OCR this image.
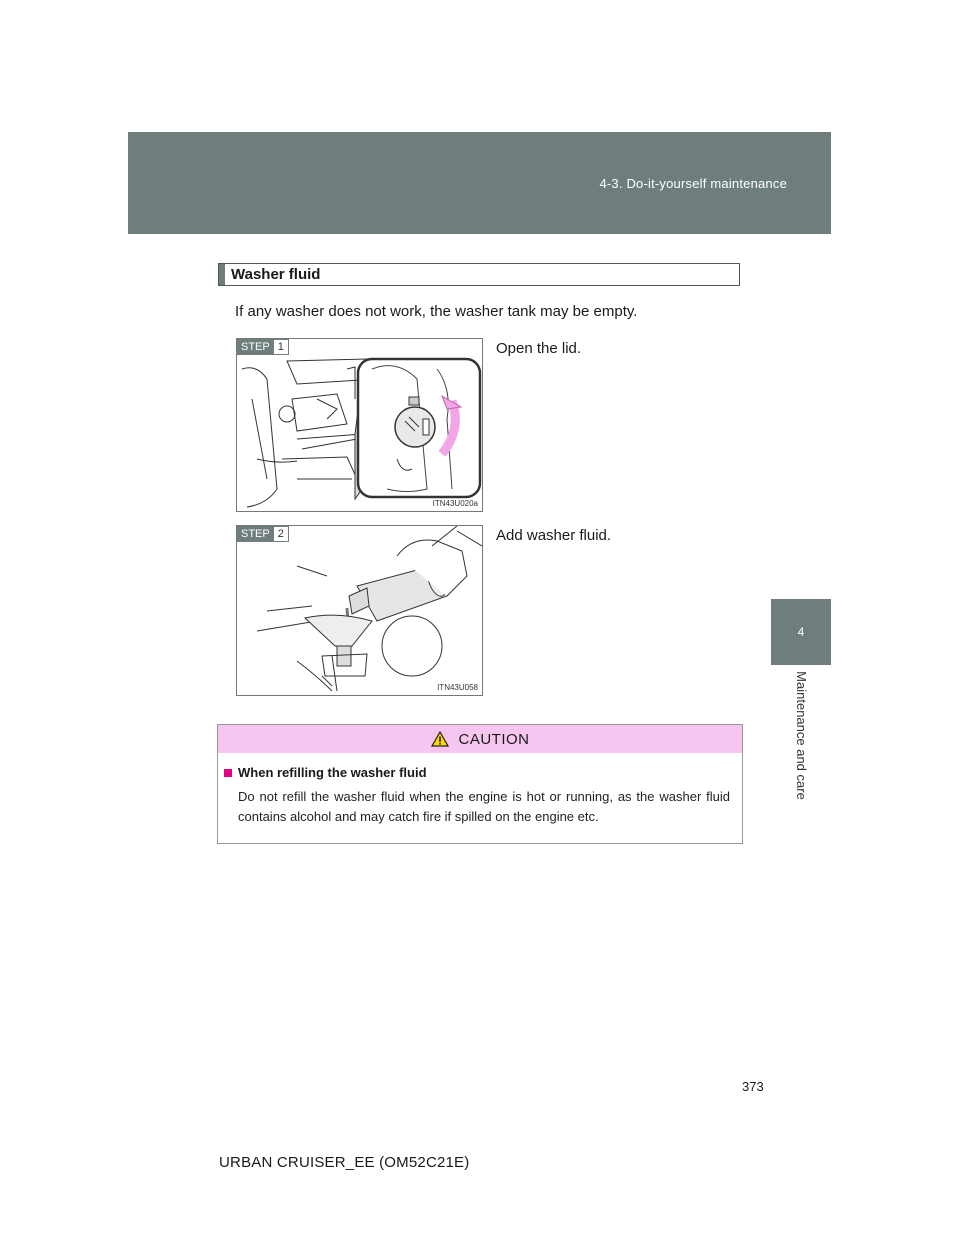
4-3. Do-it-yourself maintenance
4
Maintenance and care
Washer fluid
If any washer does not work, the washer tank may be empty.
STEP 1
ITN43U020a
Open the lid.
STEP 2
ITN43U058
Add washer fluid.
CAUTION
When refilling the washer fluid
Do not refill the washer fluid when the engine is hot or running, as the washer fluid contains alcohol and may catch fire if spilled on the engine etc.
373
URBAN CRUISER_EE (OM52C21E)
